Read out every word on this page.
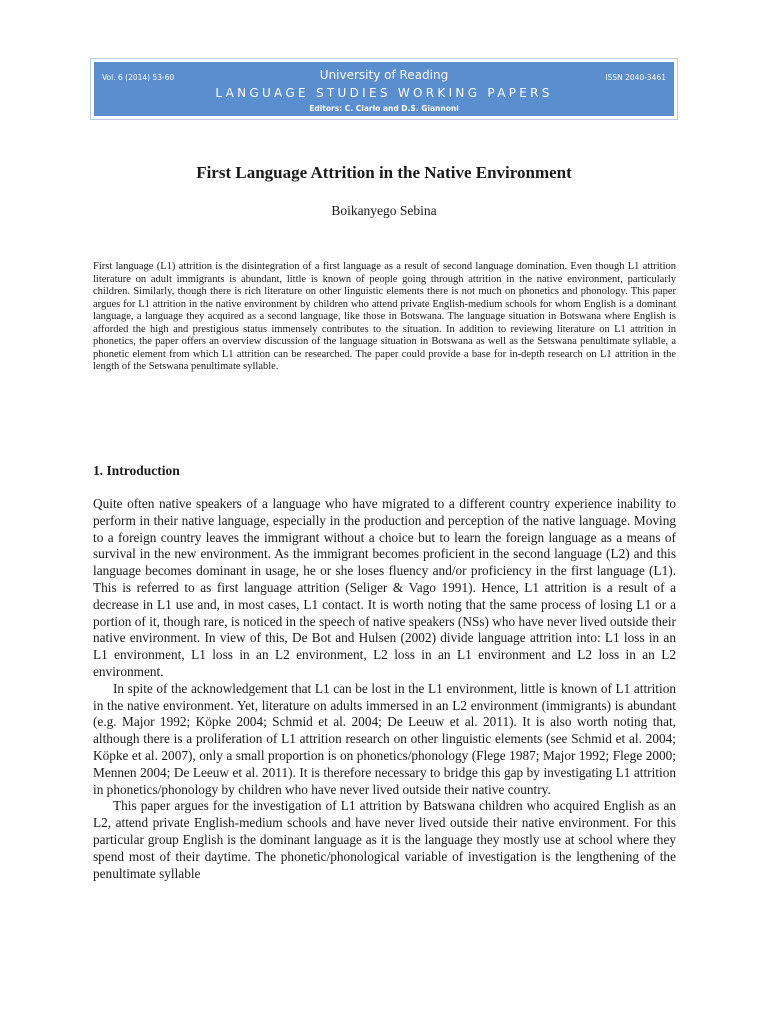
Vol. 6 (2014) 53-60	University of Reading	ISSN 2040-3461
LANGUAGE STUDIES WORKING PAPERS
Editors: C. Ciarlo and D.S. Giannoni
First Language Attrition in the Native Environment
Boikanyego Sebina

First language (L1) attrition is the disintegration of a first language as a result of second language domination. Even though L1 attrition literature on adult immigrants is abundant, little is known of people going through attrition in the native environment, particularly children. Similarly, though there is rich literature on other linguistic elements there is not much on phonetics and phonology. This paper argues for L1 attrition in the native environment by children who attend private English-medium schools for whom English is a dominant language, a language they acquired as a second language, like those in Botswana. The language situation in Botswana where English is afforded the high and prestigious status immensely contributes to the situation. In addition to reviewing literature on L1 attrition in phonetics, the paper offers an overview discussion of the language situation in Botswana as well as the Setswana penultimate syllable, a phonetic element from which L1 attrition can be researched. The paper could provide a base for in-depth research on L1 attrition in the length of the Setswana penultimate syllable.

1. Introduction

Quite often native speakers of a language who have migrated to a different country experience inability to perform in their native language, especially in the production and perception of the native language. Moving to a foreign country leaves the immigrant without a choice but to learn the foreign language as a means of survival in the new environment. As the immigrant becomes proficient in the second language (L2) and this language becomes dominant in usage, he or she loses fluency and/or proficiency in the first language (L1). This is referred to as first language attrition (Seliger & Vago 1991). Hence, L1 attrition is a result of a decrease in L1 use and, in most cases, L1 contact. It is worth noting that the same process of losing L1 or a portion of it, though rare, is noticed in the speech of native speakers (NSs) who have never lived outside their native environment. In view of this, De Bot and Hulsen (2002) divide language attrition into: L1 loss in an L1 environment, L1 loss in an L2 environment, L2 loss in an L1 environment and L2 loss in an L2 environment.

In spite of the acknowledgement that L1 can be lost in the L1 environment, little is known of L1 attrition in the native environment. Yet, literature on adults immersed in an L2 environment (immigrants) is abundant (e.g. Major 1992; Köpke 2004; Schmid et al. 2004; De Leeuw et al. 2011). It is also worth noting that, although there is a proliferation of L1 attrition research on other linguistic elements (see Schmid et al. 2004; Köpke et al. 2007), only a small proportion is on phonetics/phonology (Flege 1987; Major 1992; Flege 2000; Mennen 2004; De Leeuw et al. 2011). It is therefore necessary to bridge this gap by investigating L1 attrition in phonetics/phonology by children who have never lived outside their native country.

This paper argues for the investigation of L1 attrition by Batswana children who acquired English as an L2, attend private English-medium schools and have never lived outside their native environment. For this particular group English is the dominant language as it is the language they mostly use at school where they spend most of their daytime. The phonetic/phonological variable of investigation is the lengthening of the penultimate syllable
